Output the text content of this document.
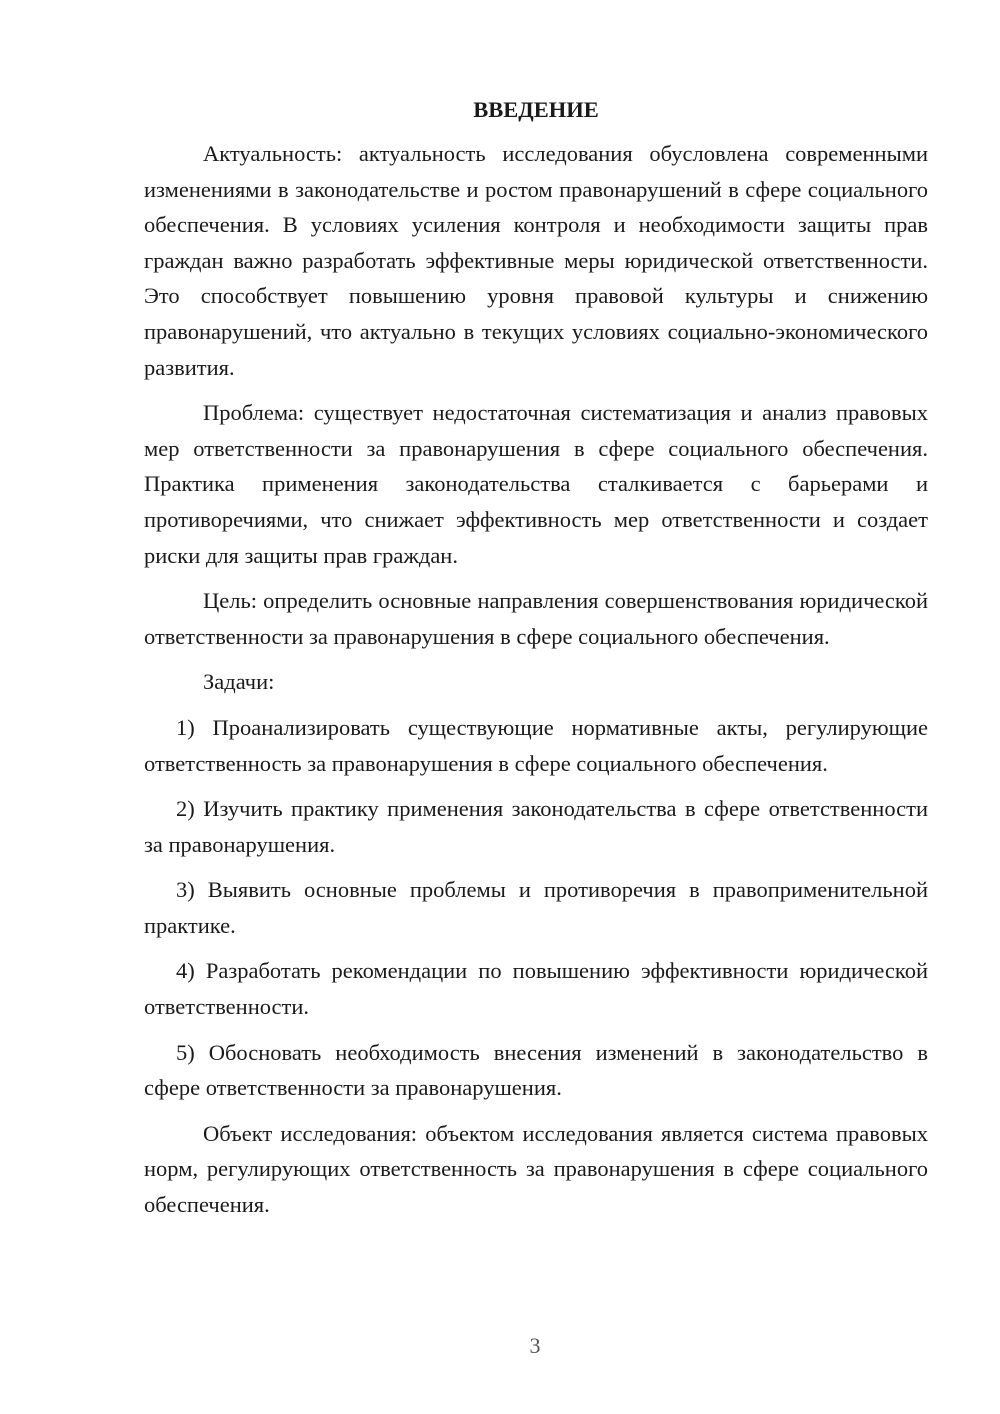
ВВЕДЕНИЕ

Актуальность: актуальность исследования обусловлена современными изменениями в законодательстве и ростом правонарушений в сфере социального обеспечения. В условиях усиления контроля и необходимости защиты прав граждан важно разработать эффективные меры юридической ответственности. Это способствует повышению уровня правовой культуры и снижению правонарушений, что актуально в текущих условиях социально-экономического развития.

Проблема: существует недостаточная систематизация и анализ правовых мер ответственности за правонарушения в сфере социального обеспечения. Практика применения законодательства сталкивается с барьерами и противоречиями, что снижает эффективность мер ответственности и создает риски для защиты прав граждан.

Цель: определить основные направления совершенствования юридической ответственности за правонарушения в сфере социального обеспечения.

Задачи:

1) Проанализировать существующие нормативные акты, регулирующие ответственность за правонарушения в сфере социального обеспечения.

2) Изучить практику применения законодательства в сфере ответственности за правонарушения.

3) Выявить основные проблемы и противоречия в правоприменительной практике.

4) Разработать рекомендации по повышению эффективности юридической ответственности.

5) Обосновать необходимость внесения изменений в законодательство в сфере ответственности за правонарушения.

Объект исследования: объектом исследования является система правовых норм, регулирующих ответственность за правонарушения в сфере социального обеспечения.

3
